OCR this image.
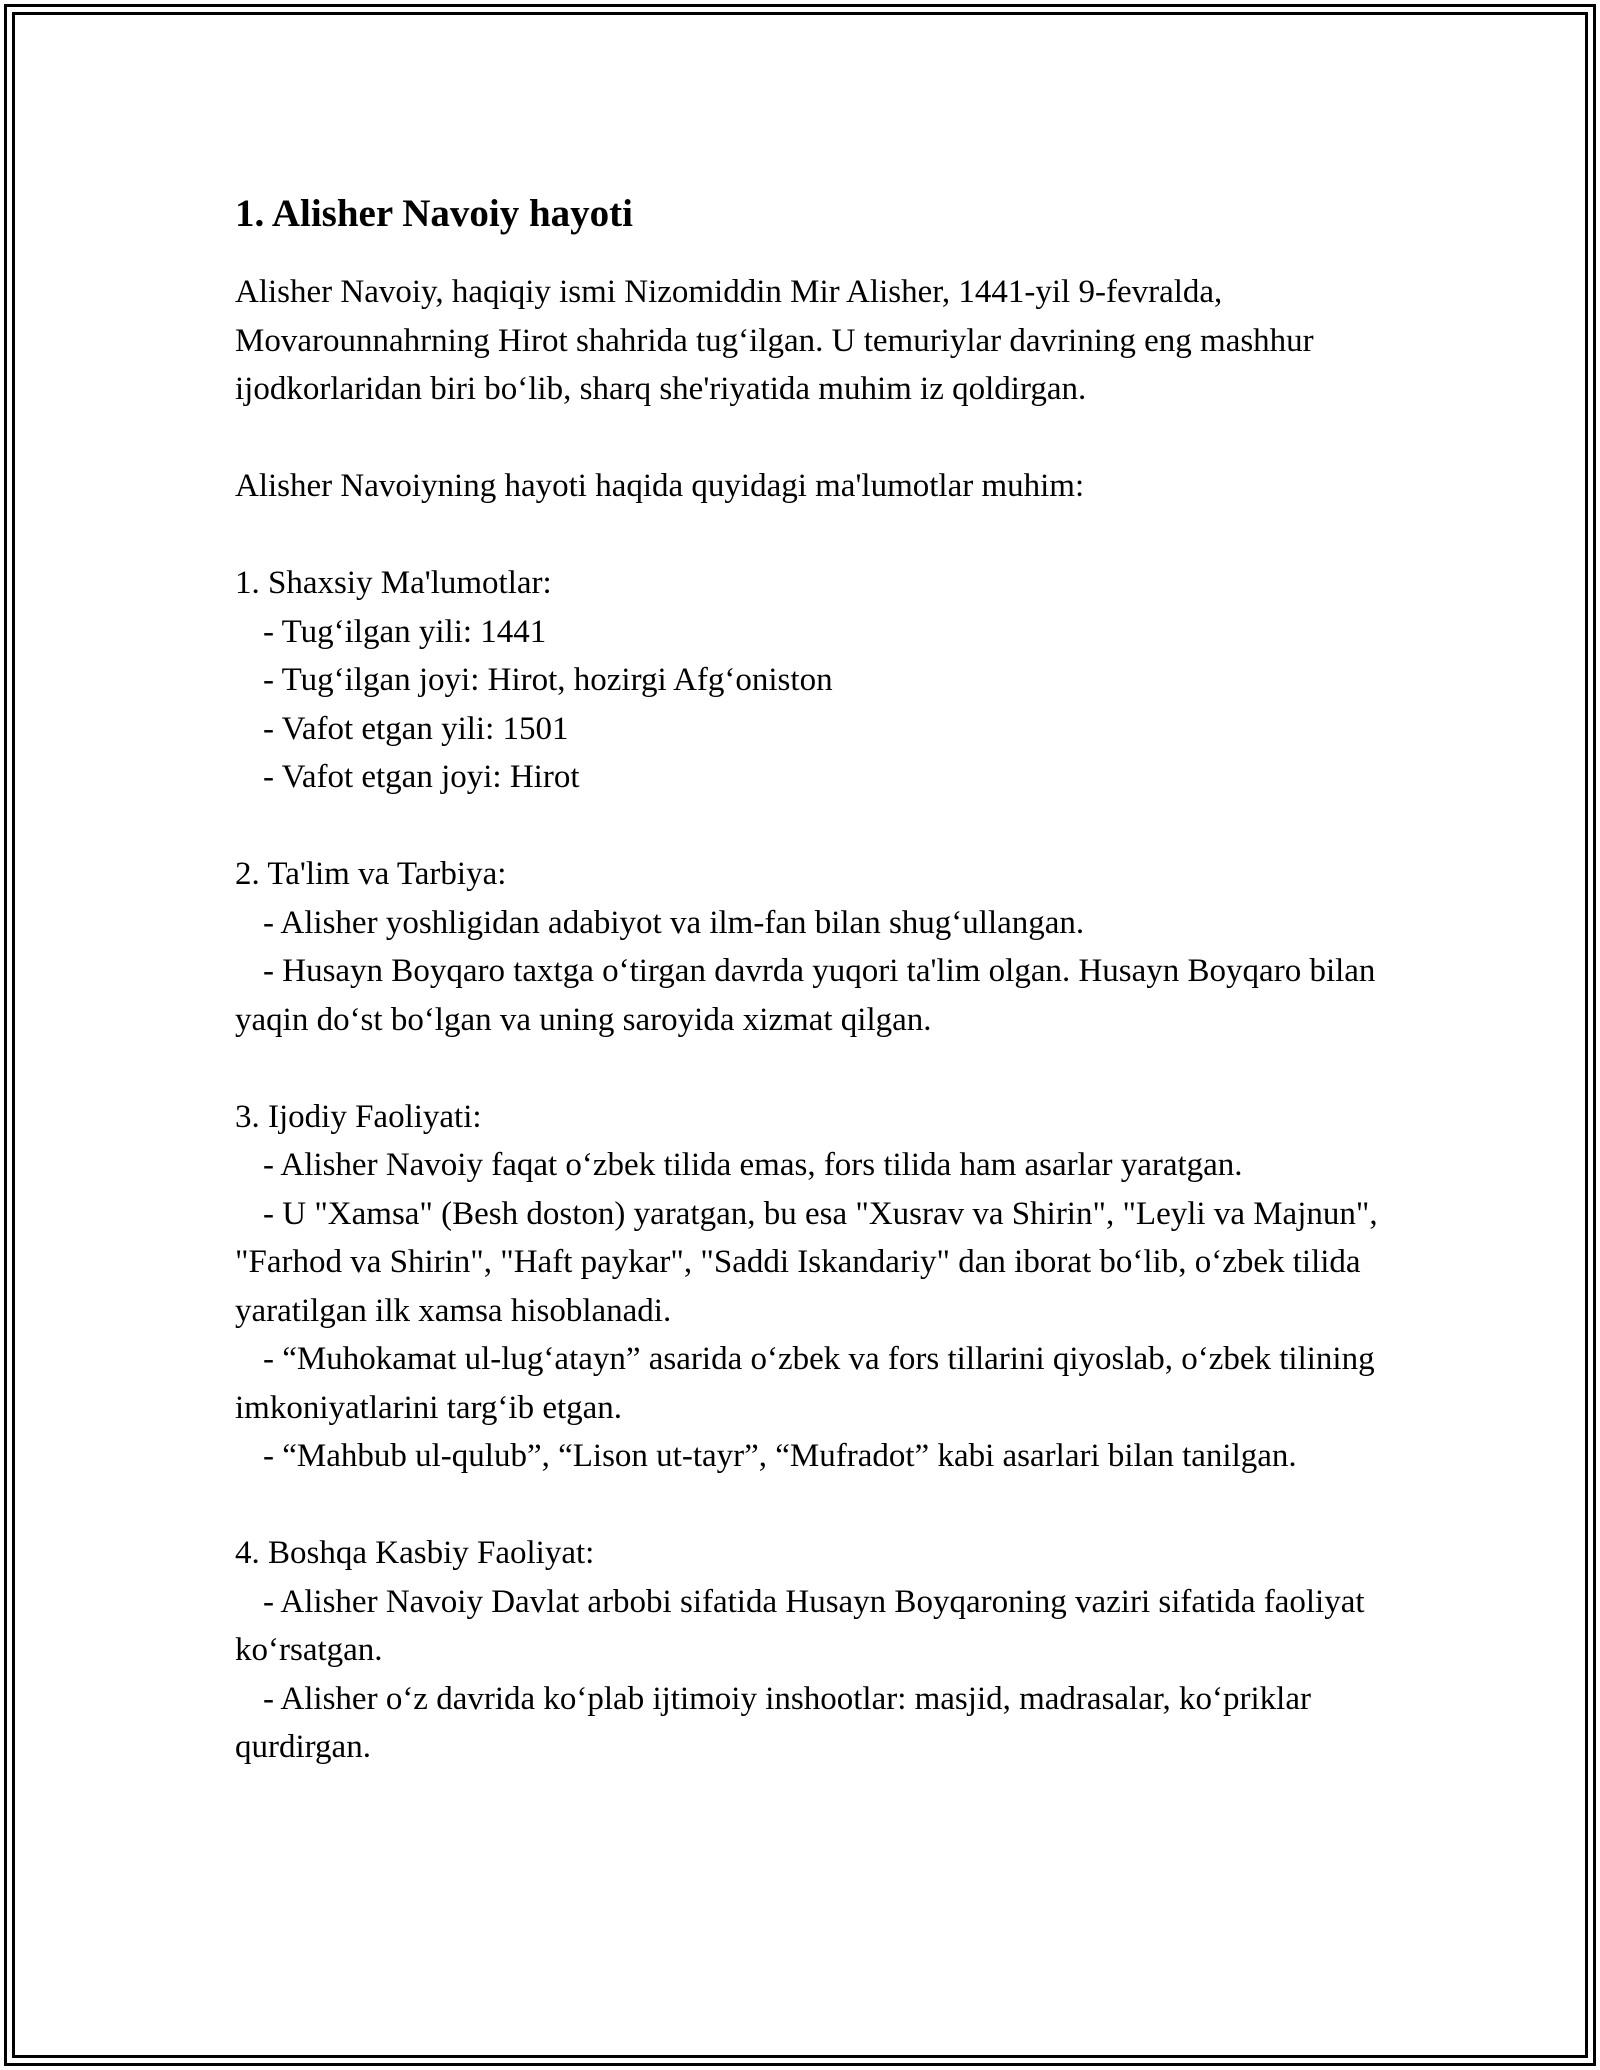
1. Alisher Navoiy hayoti

Alisher Navoiy, haqiqiy ismi Nizomiddin Mir Alisher, 1441-yil 9-fevralda, Movarounnahrning Hirot shahrida tug‘ilgan. U temuriylar davrining eng mashhur ijodkorlaridan biri bo‘lib, sharq she'riyatida muhim iz qoldirgan.

Alisher Navoiyning hayoti haqida quyidagi ma'lumotlar muhim:

1. Shaxsiy Ma'lumotlar:

- Tug‘ilgan yili: 1441

- Tug‘ilgan joyi: Hirot, hozirgi Afg‘oniston

- Vafot etgan yili: 1501

- Vafot etgan joyi: Hirot

2. Ta'lim va Tarbiya:

- Alisher yoshligidan adabiyot va ilm-fan bilan shug‘ullangan.

- Husayn Boyqaro taxtga o‘tirgan davrda yuqori ta'lim olgan. Husayn Boyqaro bilan yaqin do‘st bo‘lgan va uning saroyida xizmat qilgan.

3. Ijodiy Faoliyati:

- Alisher Navoiy faqat o‘zbek tilida emas, fors tilida ham asarlar yaratgan.

- U "Xamsa" (Besh doston) yaratgan, bu esa "Xusrav va Shirin", "Leyli va Majnun", "Farhod va Shirin", "Haft paykar", "Saddi Iskandariy" dan iborat bo‘lib, o‘zbek tilida yaratilgan ilk xamsa hisoblanadi.

- “Muhokamat ul-lug‘atayn” asarida o‘zbek va fors tillarini qiyoslab, o‘zbek tilining imkoniyatlarini targ‘ib etgan.

- “Mahbub ul-qulub”, “Lison ut-tayr”, “Mufradot” kabi asarlari bilan tanilgan.

4. Boshqa Kasbiy Faoliyat:

- Alisher Navoiy Davlat arbobi sifatida Husayn Boyqaroning vaziri sifatida faoliyat ko‘rsatgan.

- Alisher o‘z davrida ko‘plab ijtimoiy inshootlar: masjid, madrasalar, ko‘priklar qurdirgan.
